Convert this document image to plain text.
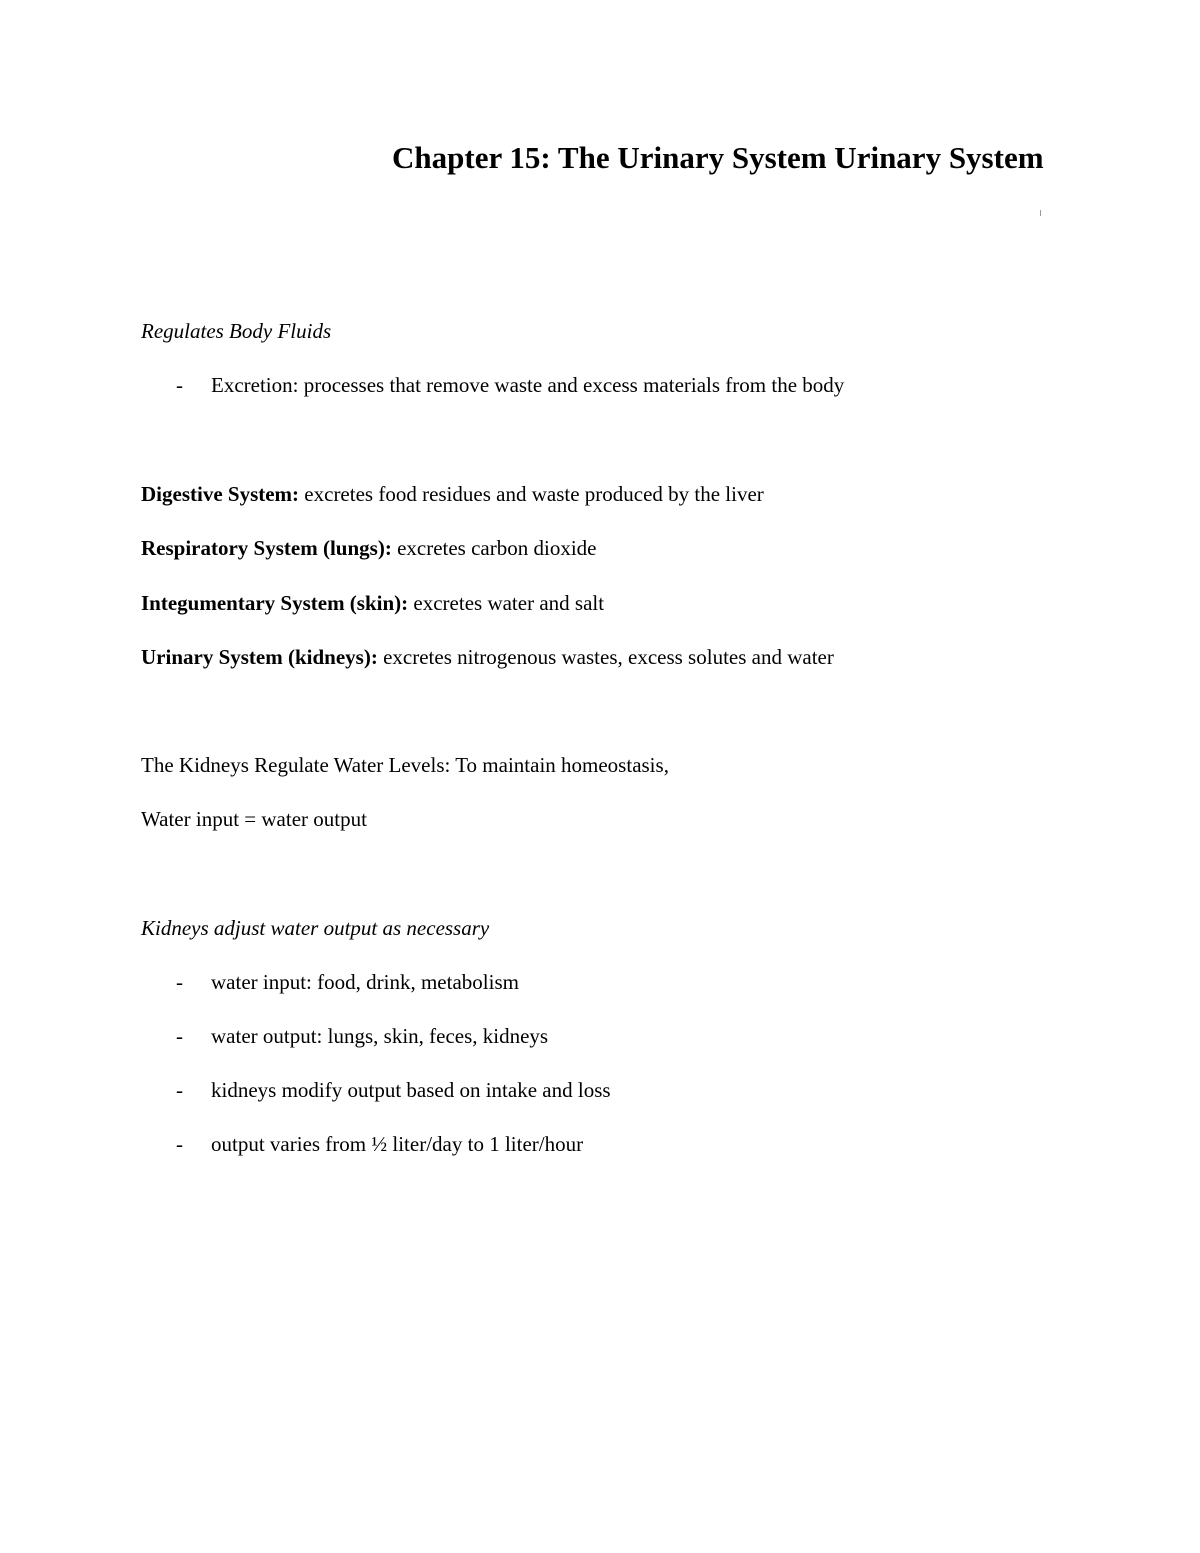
Chapter 15: The Urinary System Urinary System
Regulates Body Fluids
- Excretion: processes that remove waste and excess materials from the body
Digestive System: excretes food residues and waste produced by the liver
Respiratory System (lungs): excretes carbon dioxide
Integumentary System (skin): excretes water and salt
Urinary System (kidneys): excretes nitrogenous wastes, excess solutes and water
The Kidneys Regulate Water Levels: To maintain homeostasis,
Water input = water output
Kidneys adjust water output as necessary
- water input: food, drink, metabolism
- water output: lungs, skin, feces, kidneys
- kidneys modify output based on intake and loss
- output varies from ½ liter/day to 1 liter/hour
